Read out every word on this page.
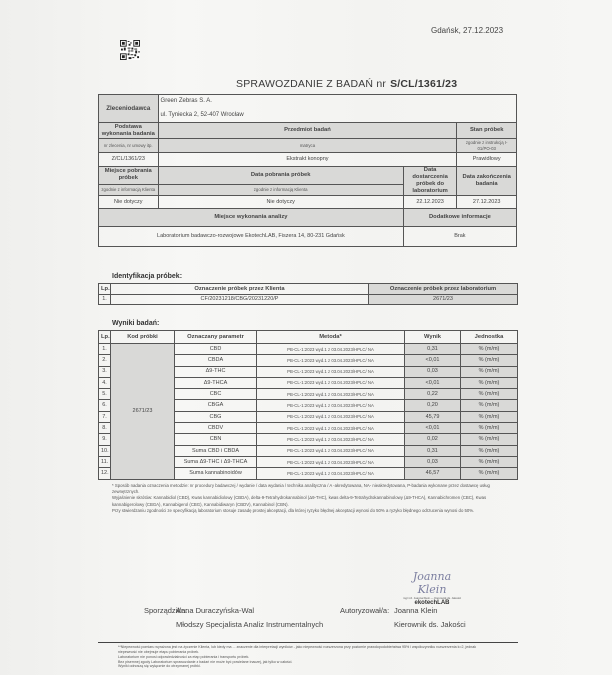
Gdańsk, 27.12.2023
SPRAWOZDANIE Z BADAŃ nr S/CL/1361/23
Zleceniodawca	Green Zebras S. A.		
	ul. Tyniecka 2, 52-407 Wrocław		
Podstawa wykonania badania	Przedmiot badań		Stan próbek
nr zlecenia, nr umowy itp.	matryca		zgodnie z instrukcją I-01/PO-03
Z/CL/1361/23	Ekstrakt konopny		Prawidłowy
Miejsce pobrania próbek	Data pobrania próbek	Data dostarczenia próbek do laboratorium	Data zakończenia badania
zgodnie z informacją Klienta	zgodnie z informacją Klienta		
Nie dotyczy	Nie dotyczy	22.12.2023	27.12.2023
Miejsce wykonania analizy		Dodatkowe informacje	
Laboratorium badawczo-rozwojowe EkotechLAB, Fiszera 14, 80-231 Gdańsk		Brak	
Identyfikacja próbek:
Lp.	Oznaczenie próbek przez Klienta	Oznaczenie próbek przez laboratorium
1.	CF/20231218/CBG/20231220/P	2671/23
Wyniki badań:
Lp.	Kod próbki	Oznaczany parametr	Metoda*	Wynik	Jednostka
1.	2671/23	CBD	PB-CL-1:2023 wyd.1 z 03.04.2023/HPLC/ NA	0,31	% (m/m)
2.		CBDA	PB-CL-1:2023 wyd.1 z 03.04.2023/HPLC/ NA	<0,01	% (m/m)
3.		Δ9-THC	PB-CL-1:2023 wyd.1 z 03.04.2023/HPLC/ NA	0,03	% (m/m)
4.		Δ9-THCA	PB-CL-1:2023 wyd.1 z 03.04.2023/HPLC/ NA	<0,01	% (m/m)
5.		CBC	PB-CL-1:2023 wyd.1 z 03.04.2023/HPLC/ NA	0,22	% (m/m)
6.		CBGA	PB-CL-1:2023 wyd.1 z 03.04.2023/HPLC/ NA	0,20	% (m/m)
7.		CBG	PB-CL-1:2023 wyd.1 z 03.04.2023/HPLC/ NA	45,79	% (m/m)
8.		CBDV	PB-CL-1:2023 wyd.1 z 03.04.2023/HPLC/ NA	<0,01	% (m/m)
9.		CBN	PB-CL-1:2023 wyd.1 z 03.04.2023/HPLC/ NA	0,02	% (m/m)
10.		Suma CBD i CBDA	PB-CL-1:2023 wyd.1 z 03.04.2023/HPLC/ NA	0,31	% (m/m)
11.		Suma Δ9-THC i Δ9-THCA	PB-CL-1:2023 wyd.1 z 03.04.2023/HPLC/ NA	0,03	% (m/m)
12.		Suma kannabinoidów	PB-CL-1:2023 wyd.1 z 03.04.2023/HPLC/ NA	46,57	% (m/m)
* Sposób nadania oznaczenia metodzie: nr procedury badawczej / wydanie / data wydania / technika analityczna / A -akredytowana, NA- nieakredytowana, P-badania wykonane przez dostawcę usług zewnętrznych.
Wyjaśnienie skrótów: Kannabidiol (CBD), Kwas kannabidiolowy (CBDA), delta-9-Tetrahydrokannabinol (Δ9-THC), kwas delta-9-Tetrahydrokannabinolowy (Δ9-THCA), Kannabichromen (CBC), Kwas kannabigerolowy (CBGA), Kannabigerol (CBG), Kannabidiwaryn (CBDV), Kannabinol (CBN).
Przy stwierdzaniu zgodności ze specyfikacją laboratorium stosuje zasadę prostej akceptacji, dla której ryzyko błędnej akceptacji wynosi do 50% a ryzyko błędnego odrzucenia wynosi do 50%.
Joanna Klein
mgr inż. Joanna Klein — Kierownik ds. Jakości
ekotechLAB
Sporządził/a:
Anna Duraczyńska-Wal
Młodszy Specjalista Analiz Instrumentalnych
Autoryzował/a: Joanna Klein
Kierownik ds. Jakości
**Niepewność pomiaru wyrażona jest na życzenie Klienta, lub kiedy ma ... znaczenie dla interpretacji wyników - jako niepewność rozszerzona przy poziomie prawdopodobieństwa 95% i współczynniku rozszerzenia k=2, jednak niepewność nie obejmuje etapu pobierania próbek.
Laboratorium nie ponosi odpowiedzialności za etap pobierania i transportu próbek.
Bez pisemnej zgody Laboratorium sprawozdanie z badań nie może być powielane inaczej, jak tylko w całości.
Wyniki odnoszą się wyłącznie do otrzymanej próbki.
